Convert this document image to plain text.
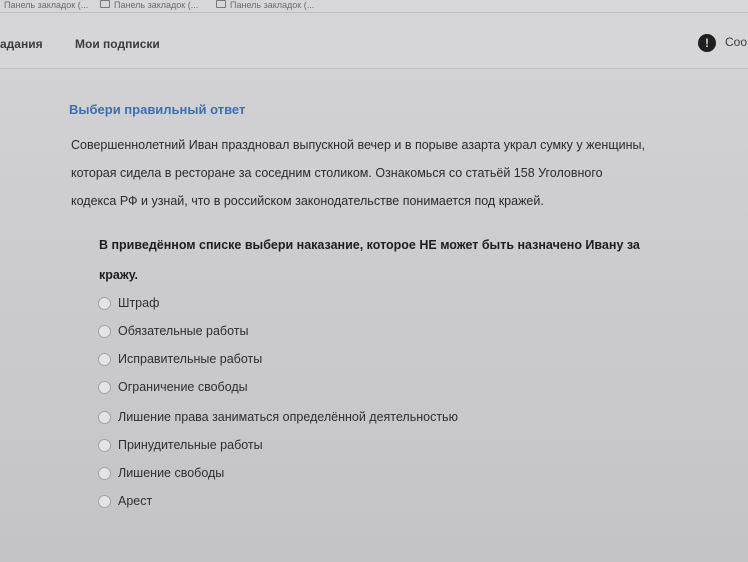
Панель закладок (...	Панель закладок (...	Панель закладок (...
адания	Мои подписки	!	Coo
Выбери правильный ответ
Совершеннолетний Иван праздновал выпускной вечер и в порыве азарта украл сумку у женщины,
которая сидела в ресторане за соседним столиком. Ознакомься со статьёй 158 Уголовного
кодекса РФ и узнай, что в российском законодательстве понимается под кражей.
В приведённом списке выбери наказание, которое НЕ может быть назначено Ивану за
кражу.
Штраф
Обязательные работы
Исправительные работы
Ограничение свободы
Лишение права заниматься определённой деятельностью
Принудительные работы
Лишение свободы
Арест
